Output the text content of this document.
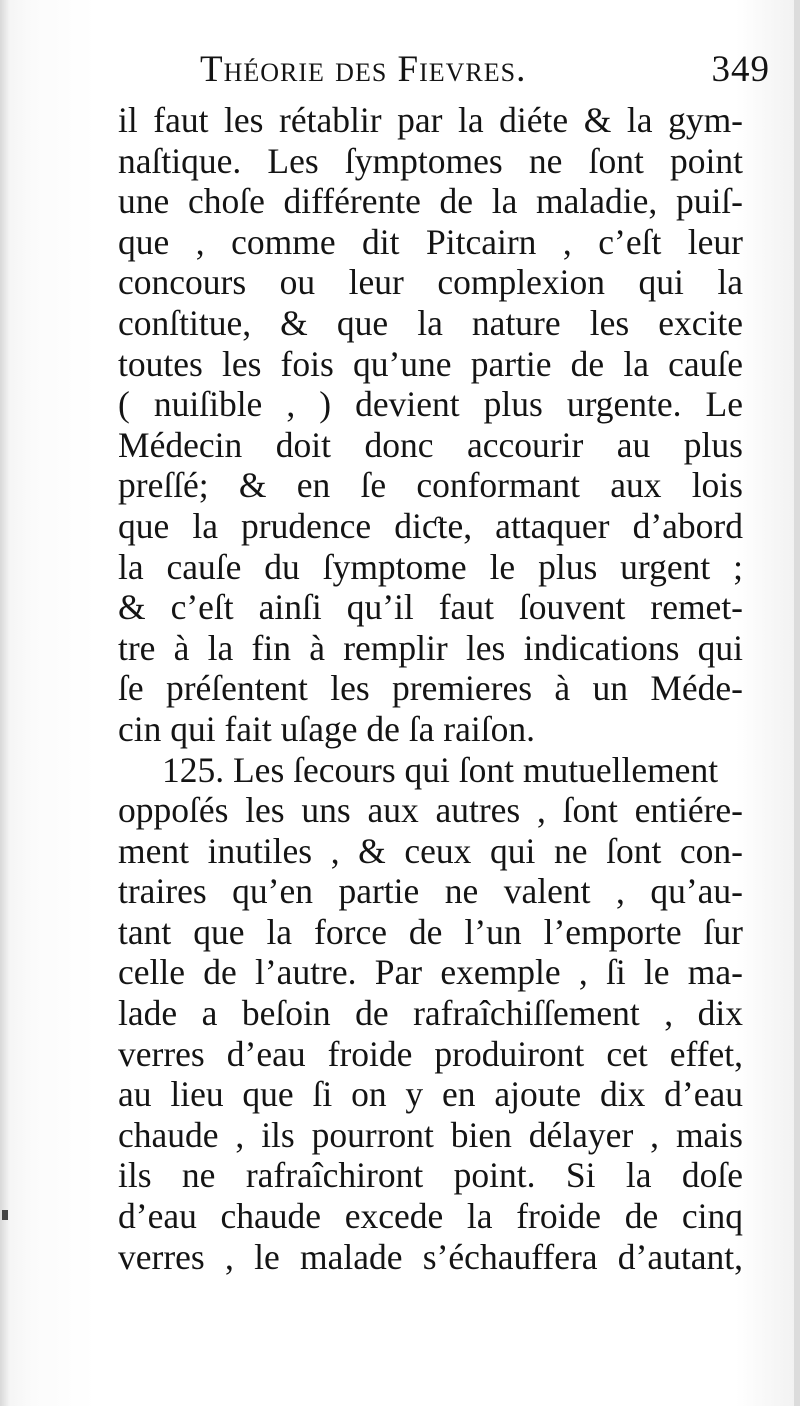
Théorie des Fievres.	349
il faut les rétablir par la diéte & la gym-
naſtique. Les ſymptomes ne ſont point
une choſe différente de la maladie, puiſ-
que , comme dit Pitcairn , c’eſt leur
concours ou leur complexion qui la
conſtitue, & que la nature les excite
toutes les fois qu’une partie de la cauſe
( nuiſible , ) devient plus urgente. Le
Médecin doit donc accourir au plus
preſſé; & en ſe conformant aux lois
que la prudence diƈte, attaquer d’abord
la cauſe du ſymptome le plus urgent ;
& c’eſt ainſi qu’il faut ſouvent remet-
tre à la fin à remplir les indications qui
ſe préſentent les premieres à un Méde-
cin qui fait uſage de ſa raiſon.
125. Les ſecours qui ſont mutuellement
oppoſés les uns aux autres , ſont entiére-
ment inutiles , & ceux qui ne ſont con-
traires qu’en partie ne valent , qu’au-
tant que la force de l’un l’emporte ſur
celle de l’autre. Par exemple , ſi le ma-
lade a beſoin de rafraîchiſſement , dix
verres d’eau froide produiront cet effet,
au lieu que ſi on y en ajoute dix d’eau
chaude , ils pourront bien délayer , mais
ils ne rafraîchiront point. Si la doſe
d’eau chaude excede la froide de cinq
verres , le malade s’échauffera d’autant,
